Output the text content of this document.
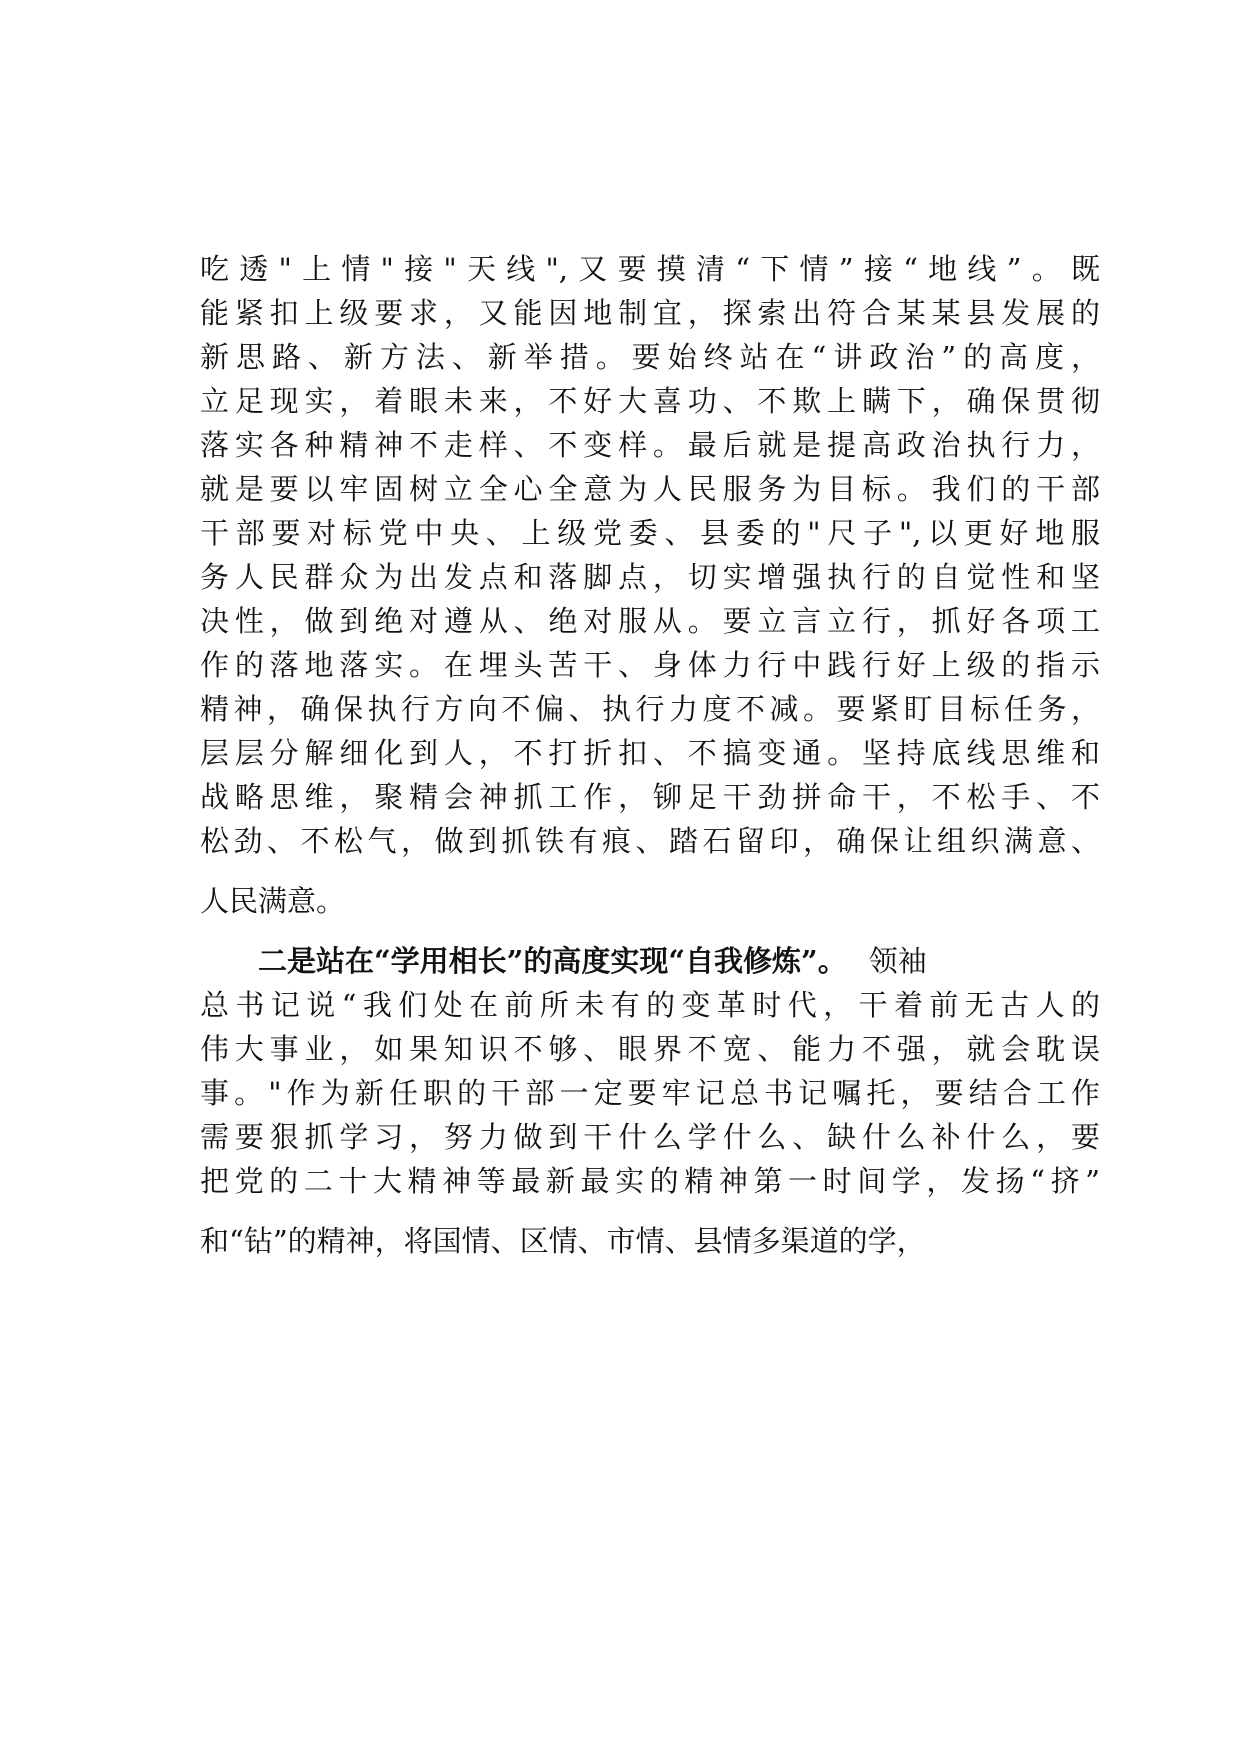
吃透"上情"接"天线",又要摸清“下情”接“地线”。既
能紧扣上级要求，又能因地制宜，探索出符合某某县发展的
新思路、新方法、新举措。要始终站在“讲政治”的高度，
立足现实，着眼未来，不好大喜功、不欺上瞒下，确保贯彻
落实各种精神不走样、不变样。最后就是提高政治执行力，
就是要以牢固树立全心全意为人民服务为目标。我们的干部
干部要对标党中央、上级党委、县委的"尺子",以更好地服
务人民群众为出发点和落脚点，切实增强执行的自觉性和坚
决性，做到绝对遵从、绝对服从。要立言立行，抓好各项工
作的落地落实。在埋头苦干、身体力行中践行好上级的指示
精神，确保执行方向不偏、执行力度不减。要紧盯目标任务，
层层分解细化到人，不打折扣、不搞变通。坚持底线思维和
战略思维，聚精会神抓工作，铆足干劲拼命干，不松手、不
松劲、不松气，做到抓铁有痕、踏石留印，确保让组织满意、
人民满意。
二是站在“学用相长”的高度实现“自我修炼”。 领袖
总书记说“我们处在前所未有的变革时代，干着前无古人的
伟大事业，如果知识不够、眼界不宽、能力不强，就会耽误
事。"作为新任职的干部一定要牢记总书记嘱托，要结合工作
需要狠抓学习，努力做到干什么学什么、缺什么补什么，要
把党的二十大精神等最新最实的精神第一时间学，发扬“挤”
和“钻”的精神，将国情、区情、市情、县情多渠道的学，
